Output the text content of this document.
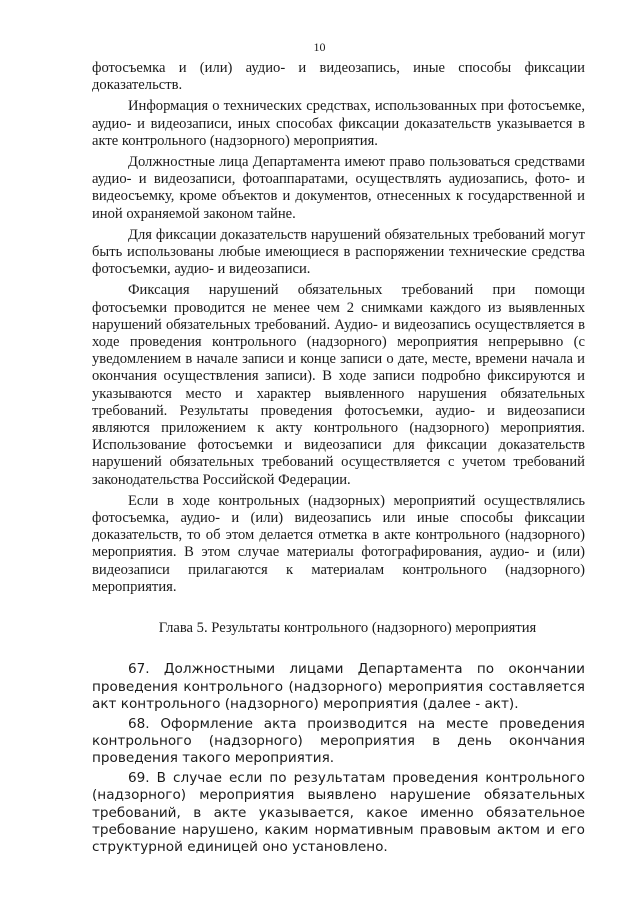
10

фотосъемка и (или) аудио- и видеозапись, иные способы фиксации доказательств.

Информация о технических средствах, использованных при фотосъемке, аудио- и видеозаписи, иных способах фиксации доказательств указывается в акте контрольного (надзорного) мероприятия.

Должностные лица Департамента имеют право пользоваться средствами аудио- и видеозаписи, фотоаппаратами, осуществлять аудиозапись, фото- и видеосъемку, кроме объектов и документов, отнесенных к государственной и иной охраняемой законом тайне.

Для фиксации доказательств нарушений обязательных требований могут быть использованы любые имеющиеся в распоряжении технические средства фотосъемки, аудио- и видеозаписи.

Фиксация нарушений обязательных требований при помощи фотосъемки проводится не менее чем 2 снимками каждого из выявленных нарушений обязательных требований. Аудио- и видеозапись осуществляется в ходе проведения контрольного (надзорного) мероприятия непрерывно (с уведомлением в начале записи и конце записи о дате, месте, времени начала и окончания осуществления записи). В ходе записи подробно фиксируются и указываются место и характер выявленного нарушения обязательных требований. Результаты проведения фотосъемки, аудио- и видеозаписи являются приложением к акту контрольного (надзорного) мероприятия. Использование фотосъемки и видеозаписи для фиксации доказательств нарушений обязательных требований осуществляется с учетом требований законодательства Российской Федерации.

Если в ходе контрольных (надзорных) мероприятий осуществлялись фотосъемка, аудио- и (или) видеозапись или иные способы фиксации доказательств, то об этом делается отметка в акте контрольного (надзорного) мероприятия. В этом случае материалы фотографирования, аудио- и (или) видеозаписи прилагаются к материалам контрольного (надзорного) мероприятия.

Глава 5. Результаты контрольного (надзорного) мероприятия

67. Должностными лицами Департамента по окончании проведения контрольного (надзорного) мероприятия составляется акт контрольного (надзорного) мероприятия (далее - акт).

68. Оформление акта производится на месте проведения контрольного (надзорного) мероприятия в день окончания проведения такого мероприятия.

69. В случае если по результатам проведения контрольного (надзорного) мероприятия выявлено нарушение обязательных требований, в акте указывается, какое именно обязательное требование нарушено, каким нормативным правовым актом и его структурной единицей оно установлено.
